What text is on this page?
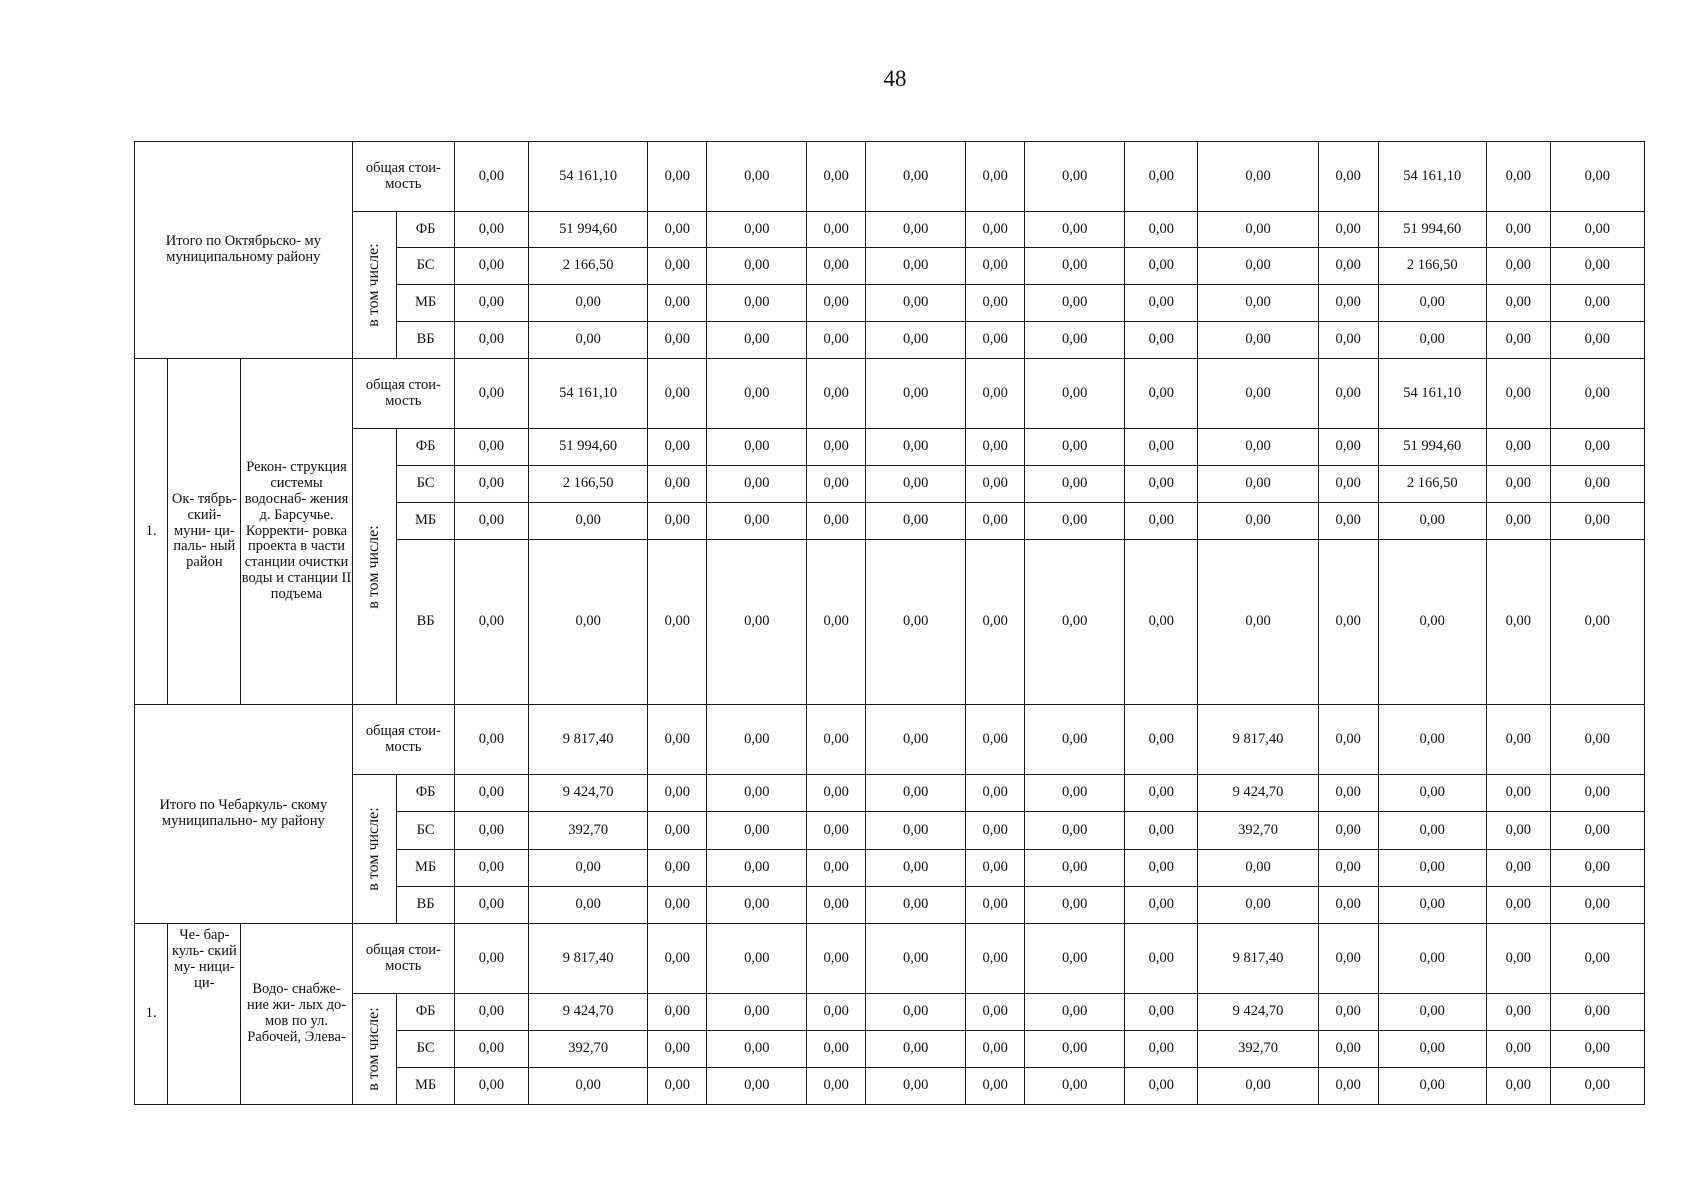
48
Итого по Октябрьско- му муниципальному району			общая стои- мость		0,00	54 161,10	0,00	0,00	0,00	0,00	0,00	0,00	0,00	0,00	0,00	54 161,10	0,00	0,00

			в том числе:	ФБ	0,00	51 994,60	0,00	0,00	0,00	0,00	0,00	0,00	0,00	0,00	0,00	51 994,60	0,00	0,00
				БС	0,00	2 166,50	0,00	0,00	0,00	0,00	0,00	0,00	0,00	0,00	0,00	2 166,50	0,00	0,00
				МБ	0,00	0,00	0,00	0,00	0,00	0,00	0,00	0,00	0,00	0,00	0,00	0,00	0,00	0,00
				ВБ	0,00	0,00	0,00	0,00	0,00	0,00	0,00	0,00	0,00	0,00	0,00	0,00	0,00	0,00
1.	Ок- тябрь- ский- муни- ци- паль- ный район	Рекон- струкция системы водоснаб- жения д. Барсучье. Корректи- ровка проекта в части станции очистки воды и станции II подъема	общая стои- мость		0,00	54 161,10	0,00	0,00	0,00	0,00	0,00	0,00	0,00	0,00	0,00	54 161,10	0,00	0,00

			в том числе:	ФБ	0,00	51 994,60	0,00	0,00	0,00	0,00	0,00	0,00	0,00	0,00	0,00	51 994,60	0,00	0,00
				БС	0,00	2 166,50	0,00	0,00	0,00	0,00	0,00	0,00	0,00	0,00	0,00	2 166,50	0,00	0,00
				МБ	0,00	0,00	0,00	0,00	0,00	0,00	0,00	0,00	0,00	0,00	0,00	0,00	0,00	0,00
				ВБ	0,00	0,00	0,00	0,00	0,00	0,00	0,00	0,00	0,00	0,00	0,00	0,00	0,00	0,00
Итого по Чебаркуль- скому муниципально- му району			общая стои- мость		0,00	9 817,40	0,00	0,00	0,00	0,00	0,00	0,00	0,00	9 817,40	0,00	0,00	0,00	0,00

			в том числе:	ФБ	0,00	9 424,70	0,00	0,00	0,00	0,00	0,00	0,00	0,00	9 424,70	0,00	0,00	0,00	0,00
				БС	0,00	392,70	0,00	0,00	0,00	0,00	0,00	0,00	0,00	392,70	0,00	0,00	0,00	0,00
				МБ	0,00	0,00	0,00	0,00	0,00	0,00	0,00	0,00	0,00	0,00	0,00	0,00	0,00	0,00
				ВБ	0,00	0,00	0,00	0,00	0,00	0,00	0,00	0,00	0,00	0,00	0,00	0,00	0,00	0,00
1.	Че- бар- куль- ский му- ници- ци-	Водо- снабже- ние жи- лых до- мов по ул. Рабочей, Элева-	общая стои- мость		0,00	9 817,40	0,00	0,00	0,00	0,00	0,00	0,00	0,00	9 817,40	0,00	0,00	0,00	0,00

			в том числе:	ФБ	0,00	9 424,70	0,00	0,00	0,00	0,00	0,00	0,00	0,00	9 424,70	0,00	0,00	0,00	0,00
				БС	0,00	392,70	0,00	0,00	0,00	0,00	0,00	0,00	0,00	392,70	0,00	0,00	0,00	0,00
				МБ	0,00	0,00	0,00	0,00	0,00	0,00	0,00	0,00	0,00	0,00	0,00	0,00	0,00	0,00
